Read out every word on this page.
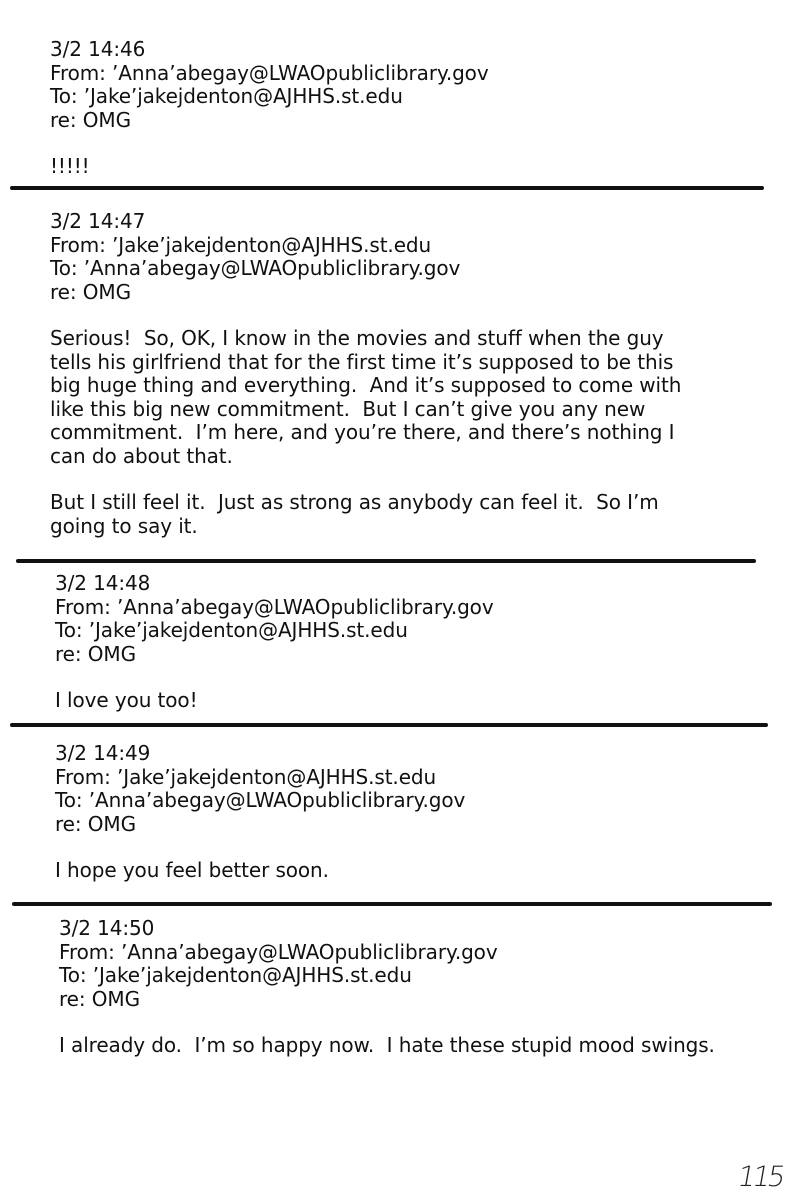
3/2 14:46
From: ’Anna’abegay@LWAOpubliclibrary.gov
To: ’Jake’jakejdenton@AJHHS.st.edu
re: OMG
!!!!!
3/2 14:47
From: ’Jake’jakejdenton@AJHHS.st.edu
To: ’Anna’abegay@LWAOpubliclibrary.gov
re: OMG
Serious!  So, OK, I know in the movies and stuff when the guy
tells his girlfriend that for the first time it’s supposed to be this
big huge thing and everything.  And it’s supposed to come with
like this big new commitment.  But I can’t give you any new
commitment.  I’m here, and you’re there, and there’s nothing I
can do about that.
But I still feel it.  Just as strong as anybody can feel it.  So I’m
going to say it.
3/2 14:48
From: ’Anna’abegay@LWAOpubliclibrary.gov
To: ’Jake’jakejdenton@AJHHS.st.edu
re: OMG
I love you too!
3/2 14:49
From: ’Jake’jakejdenton@AJHHS.st.edu
To: ’Anna’abegay@LWAOpubliclibrary.gov
re: OMG
I hope you feel better soon.
3/2 14:50
From: ’Anna’abegay@LWAOpubliclibrary.gov
To: ’Jake’jakejdenton@AJHHS.st.edu
re: OMG
I already do.  I’m so happy now.  I hate these stupid mood swings.
115
